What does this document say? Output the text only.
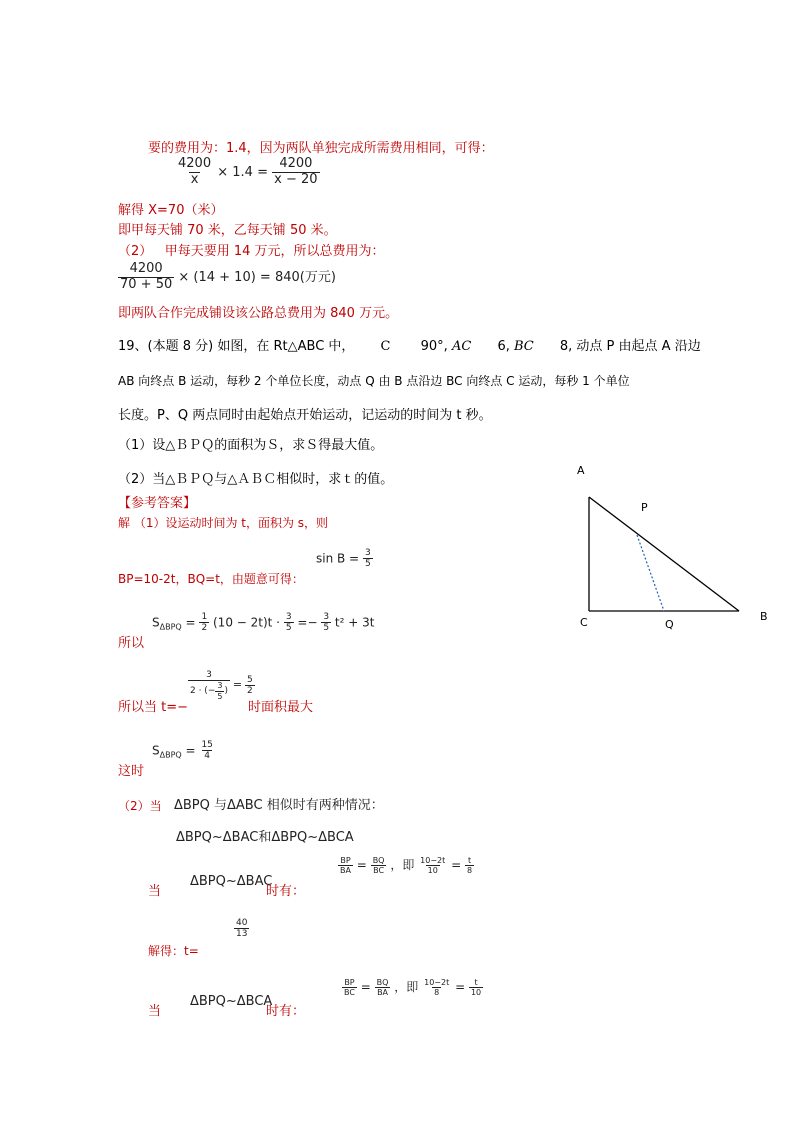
要的费用为：1.4，因为两队单独完成所需费用相同，可得：
$\frac{4200}{x} \times 1.4 = \frac{4200}{x - 20}$
解得 X=70（米）
即甲每天铺 70 米，乙每天铺 50 米。
（2） 甲每天要用 14 万元，所以总费用为：
$\frac{4200}{70 + 50} \times (14 + 10) = 840$(万元)
即两队合作完成铺设该公路总费用为 840 万元。
19、(本题 8 分) 如图，在 Rt△ABC 中， C 90°, AC 6, BC 8, 动点 P 由起点 A 沿边
AB 向终点 B 运动，每秒 2 个单位长度，动点 Q 由 B 点沿边 BC 向终点 C 运动，每秒 1 个单位
长度。P、Q 两点同时由起始点开始运动，记运动的时间为 t 秒。
（1）设△ＢＰＱ的面积为Ｓ，求Ｓ得最大值。
（2）当△ＢＰＱ与△ＡＢＣ相似时，求ｔ的值。
【参考答案】
解 （1）设运动时间为 t，面积为 s，则
$\sin B = \frac{3}{5}$
BP=10-2t，BQ=t，由题意可得：
$S_{\Delta BPQ} = \frac{1}{2} (10 - 2t)t \cdot \frac{3}{5} =- \frac{3}{5} t^2 + 3t$
所以
所以当 t=−
$\frac{3}{2 \cdot (- \frac{3}{5} )} = \frac{5}{2}$
时面积最大
$S_{\Delta BPQ} = \frac{15}{4}$
这时
（2）当 ΔBPQ 与ΔABC 相似时有两种情况：
ΔBPQ~ΔBAC和ΔBPQ~ΔBCA
当
ΔBPQ~ΔBAC
时有：
$\frac{BP}{BA} = \frac{BQ}{BC}$ ，即 $\frac{10-2t}{10} = \frac{t}{8}$
解得：t=
$\frac{40}{13}$
当
ΔBPQ~ΔBCA
时有：
$\frac{BP}{BC} = \frac{BQ}{BA}$ ，即 $\frac{10-2t}{8} = \frac{t}{10}$
A
P
C	Q
B
